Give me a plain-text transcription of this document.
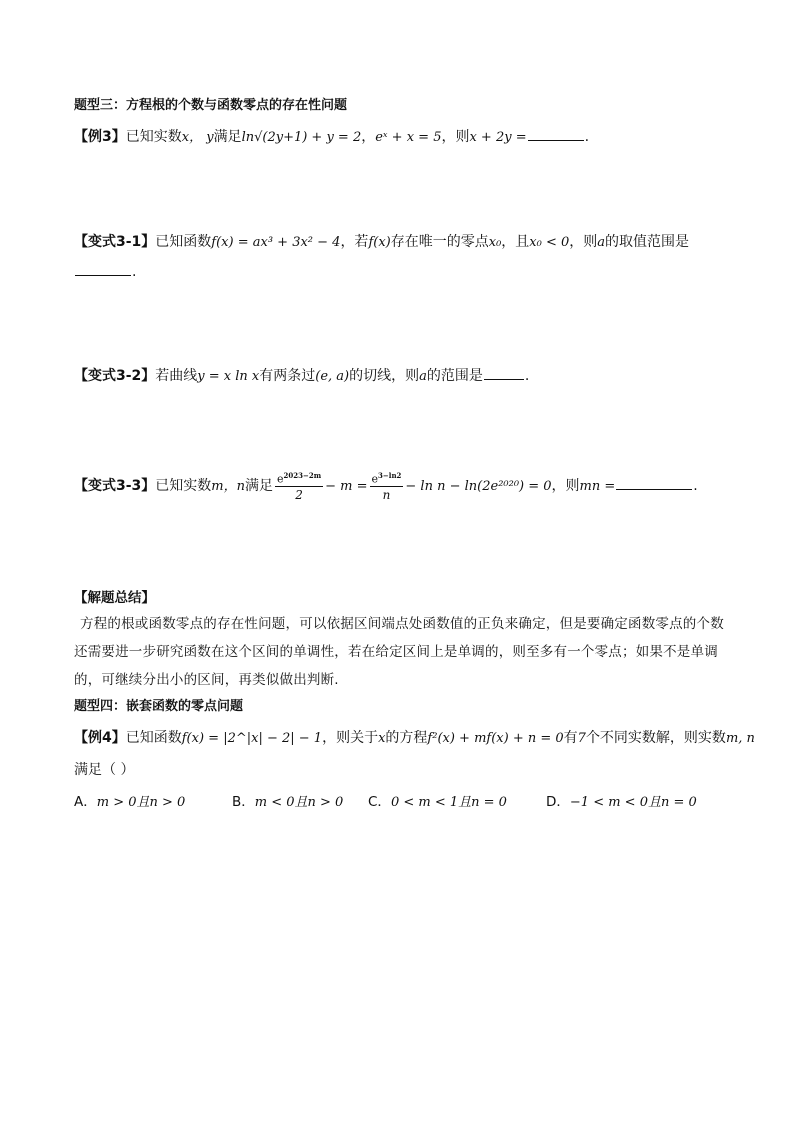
题型三：方程根的个数与函数零点的存在性问题
【例3】已知实数x， y满足ln√(2y+1) + y = 2，eˣ + x = 5，则x + 2y =	.
【变式3-1】已知函数f(x) = ax³ + 3x² − 4，若f(x)存在唯一的零点x₀，且x₀ < 0，则a的取值范围是
.
【变式3-2】若曲线y = x ln x有两条过(e, a)的切线，则a的范围是	.
【变式3-3】已知实数m，n满足 $\frac{e^{2023-2m}}{2} - m = \frac{e^{3-ln2}}{n} - \ln n - \ln(2e^{2020}) = 0$，则mn =	.
【解题总结】
方程的根或函数零点的存在性问题，可以依据区间端点处函数值的正负来确定，但是要确定函数零点的个数还需要进一步研究函数在这个区间的单调性，若在给定区间上是单调的，则至多有一个零点；如果不是单调的，可继续分出小的区间，再类似做出判断.
题型四：嵌套函数的零点问题
【例4】已知函数f(x) = |2^|x| − 2| − 1，则关于x的方程f²(x) + mf(x) + n = 0有7个不同实数解，则实数m, n
满足（ ）
A．m > 0且n > 0	B．m < 0且n > 0 C．0 < m < 1且n = 0	D．−1 < m < 0且n = 0
